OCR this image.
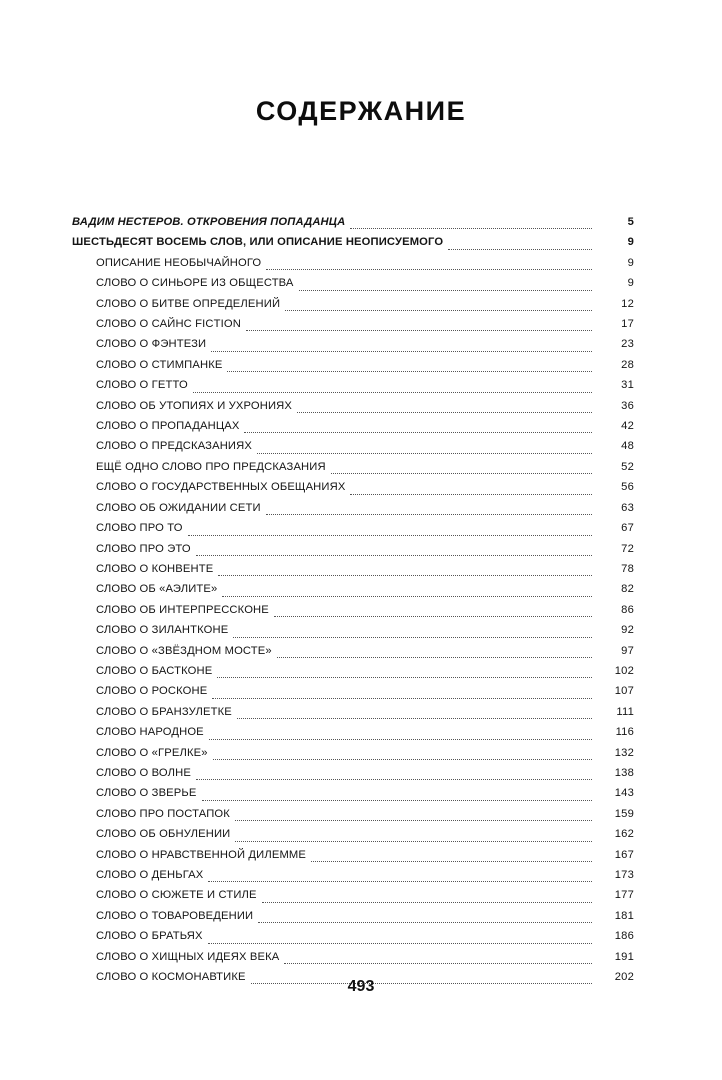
СОДЕРЖАНИЕ
ВАДИМ НЕСТЕРОВ. ОТКРОВЕНИЯ ПОПАДАНЦА	5
ШЕСТЬДЕСЯТ ВОСЕМЬ СЛОВ, ИЛИ ОПИСАНИЕ НЕОПИСУЕМОГО	9
ОПИСАНИЕ НЕОБЫЧАЙНОГО	9
СЛОВО О СИНЬОРЕ ИЗ ОБЩЕСТВА	9
СЛОВО О БИТВЕ ОПРЕДЕЛЕНИЙ	12
СЛОВО О САЙНС FICTION	17
СЛОВО О ФЭНТЕЗИ	23
СЛОВО О СТИМПАНКЕ	28
СЛОВО О ГЕТТО	31
СЛОВО ОБ УТОПИЯХ И УХРОНИЯХ	36
СЛОВО О ПРОПАДАНЦАХ	42
СЛОВО О ПРЕДСКАЗАНИЯХ	48
ЕЩЁ ОДНО СЛОВО ПРО ПРЕДСКАЗАНИЯ	52
СЛОВО О ГОСУДАРСТВЕННЫХ ОБЕЩАНИЯХ	56
СЛОВО ОБ ОЖИДАНИИ СЕТИ	63
СЛОВО ПРО ТО	67
СЛОВО ПРО ЭТО	72
СЛОВО О КОНВЕНТЕ	78
СЛОВО ОБ «АЭЛИТЕ»	82
СЛОВО ОБ ИНТЕРПРЕССКОНЕ	86
СЛОВО О ЗИЛАНТКОНЕ	92
СЛОВО О «ЗВЁЗДНОМ МОСТЕ»	97
СЛОВО О БАСТКОНЕ	102
СЛОВО О РОСКОНЕ	107
СЛОВО О БРАНЗУЛЕТКЕ	111
СЛОВО НАРОДНОЕ	116
СЛОВО О «ГРЕЛКЕ»	132
СЛОВО О ВОЛНЕ	138
СЛОВО О ЗВЕРЬЕ	143
СЛОВО ПРО ПОСТАПОК	159
СЛОВО ОБ ОБНУЛЕНИИ	162
СЛОВО О НРАВСТВЕННОЙ ДИЛЕММЕ	167
СЛОВО О ДЕНЬГАХ	173
СЛОВО О СЮЖЕТЕ И СТИЛЕ	177
СЛОВО О ТОВАРОВЕДЕНИИ	181
СЛОВО О БРАТЬЯХ	186
СЛОВО О ХИЩНЫХ ИДЕЯХ ВЕКА	191
СЛОВО О КОСМОНАВТИКЕ	202
493
